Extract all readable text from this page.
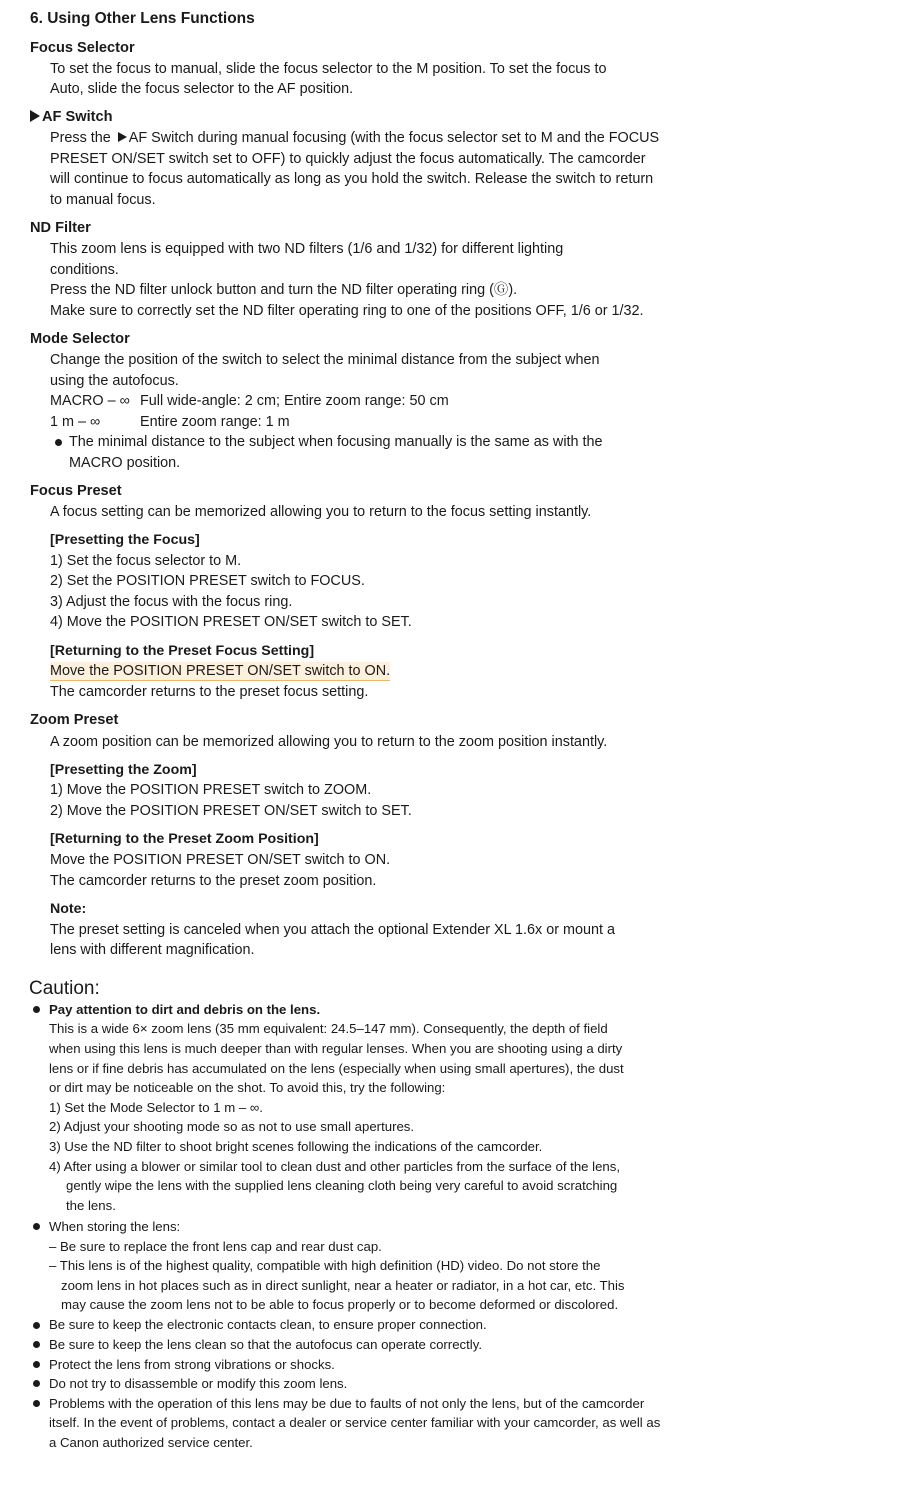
6. Using Other Lens Functions
Focus Selector
To set the focus to manual, slide the focus selector to the M position. To set the focus to
Auto, slide the focus selector to the AF position.
AF Switch
Press the AF Switch during manual focusing (with the focus selector set to M and the FOCUS
PRESET ON/SET switch set to OFF) to quickly adjust the focus automatically. The camcorder
will continue to focus automatically as long as you hold the switch. Release the switch to return
to manual focus.
ND Filter
This zoom lens is equipped with two ND filters (1/6 and 1/32) for different lighting
conditions.
Press the ND filter unlock button and turn the ND filter operating ring (Ⓖ).
Make sure to correctly set the ND filter operating ring to one of the positions OFF, 1/6 or 1/32.
Mode Selector
Change the position of the switch to select the minimal distance from the subject when
using the autofocus.
MACRO – ∞ Full wide-angle: 2 cm; Entire zoom range: 50 cm
1 m – ∞	Entire zoom range: 1 m
The minimal distance to the subject when focusing manually is the same as with the
MACRO position.
Focus Preset
A focus setting can be memorized allowing you to return to the focus setting instantly.
[Presetting the Focus]
1) Set the focus selector to M.
2) Set the POSITION PRESET switch to FOCUS.
3) Adjust the focus with the focus ring.
4) Move the POSITION PRESET ON/SET switch to SET.
[Returning to the Preset Focus Setting]
Move the POSITION PRESET ON/SET switch to ON.
The camcorder returns to the preset focus setting.
Zoom Preset
A zoom position can be memorized allowing you to return to the zoom position instantly.
[Presetting the Zoom]
1) Move the POSITION PRESET switch to ZOOM.
2) Move the POSITION PRESET ON/SET switch to SET.
[Returning to the Preset Zoom Position]
Move the POSITION PRESET ON/SET switch to ON.
The camcorder returns to the preset zoom position.
Note:
The preset setting is canceled when you attach the optional Extender XL 1.6x or mount a
lens with different magnification.
Caution:
Pay attention to dirt and debris on the lens.
This is a wide 6× zoom lens (35 mm equivalent: 24.5–147 mm). Consequently, the depth of field
when using this lens is much deeper than with regular lenses. When you are shooting using a dirty
lens or if fine debris has accumulated on the lens (especially when using small apertures), the dust
or dirt may be noticeable on the shot. To avoid this, try the following:
1) Set the Mode Selector to 1 m – ∞.
2) Adjust your shooting mode so as not to use small apertures.
3) Use the ND filter to shoot bright scenes following the indications of the camcorder.
4) After using a blower or similar tool to clean dust and other particles from the surface of the lens,
gently wipe the lens with the supplied lens cleaning cloth being very careful to avoid scratching
the lens.
When storing the lens:
– Be sure to replace the front lens cap and rear dust cap.
– This lens is of the highest quality, compatible with high definition (HD) video. Do not store the
zoom lens in hot places such as in direct sunlight, near a heater or radiator, in a hot car, etc. This
may cause the zoom lens not to be able to focus properly or to become deformed or discolored.
Be sure to keep the electronic contacts clean, to ensure proper connection.
Be sure to keep the lens clean so that the autofocus can operate correctly.
Protect the lens from strong vibrations or shocks.
Do not try to disassemble or modify this zoom lens.
Problems with the operation of this lens may be due to faults of not only the lens, but of the camcorder
itself. In the event of problems, contact a dealer or service center familiar with your camcorder, as well as
a Canon authorized service center.
